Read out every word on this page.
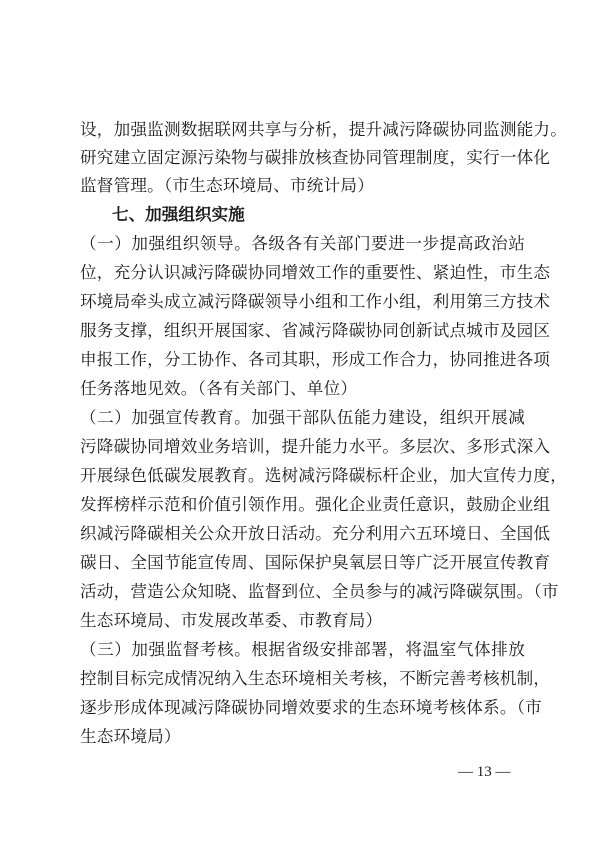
设，加强监测数据联网共享与分析，提升减污降碳协同监测能力。
研究建立固定源污染物与碳排放核查协同管理制度，实行一体化
监督管理。（市生态环境局、市统计局）
七、加强组织实施
（一）加强组织领导。各级各有关部门要进一步提高政治站
位，充分认识减污降碳协同增效工作的重要性、紧迫性，市生态
环境局牵头成立减污降碳领导小组和工作小组，利用第三方技术
服务支撑，组织开展国家、省减污降碳协同创新试点城市及园区
申报工作，分工协作、各司其职，形成工作合力，协同推进各项
任务落地见效。（各有关部门、单位）
（二）加强宣传教育。加强干部队伍能力建设，组织开展减
污降碳协同增效业务培训，提升能力水平。多层次、多形式深入
开展绿色低碳发展教育。选树减污降碳标杆企业，加大宣传力度，
发挥榜样示范和价值引领作用。强化企业责任意识，鼓励企业组
织减污降碳相关公众开放日活动。充分利用六五环境日、全国低
碳日、全国节能宣传周、国际保护臭氧层日等广泛开展宣传教育
活动，营造公众知晓、监督到位、全员参与的减污降碳氛围。（市
生态环境局、市发展改革委、市教育局）
（三）加强监督考核。根据省级安排部署，将温室气体排放
控制目标完成情况纳入生态环境相关考核，不断完善考核机制，
逐步形成体现减污降碳协同增效要求的生态环境考核体系。（市
生态环境局）
— 13 —
